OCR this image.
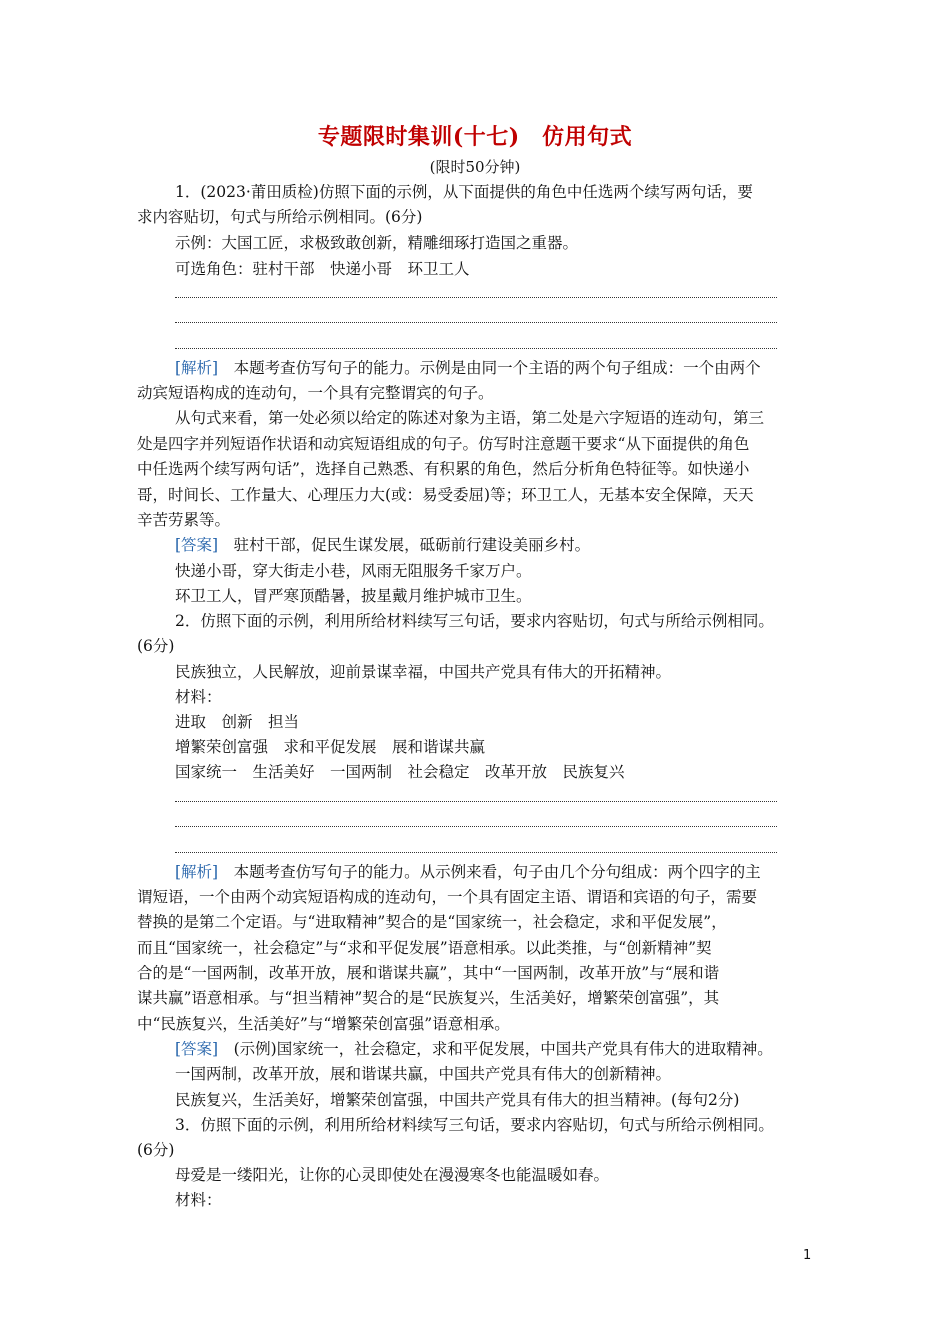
专题限时集训(十七)　仿用句式
(限时50分钟)
1．(2023·莆田质检)仿照下面的示例，从下面提供的角色中任选两个续写两句话，要
求内容贴切，句式与所给示例相同。(6分)
示例：大国工匠，求极致敢创新，精雕细琢打造国之重器。
可选角色：驻村干部　快递小哥　环卫工人
[解析]　本题考查仿写句子的能力。示例是由同一个主语的两个句子组成：一个由两个
动宾短语构成的连动句，一个具有完整谓宾的句子。
从句式来看，第一处必须以给定的陈述对象为主语，第二处是六字短语的连动句，第三
处是四字并列短语作状语和动宾短语组成的句子。仿写时注意题干要求“从下面提供的角色
中任选两个续写两句话”，选择自己熟悉、有积累的角色，然后分析角色特征等。如快递小
哥，时间长、工作量大、心理压力大(或：易受委屈)等；环卫工人，无基本安全保障，天天
辛苦劳累等。
[答案]　驻村干部，促民生谋发展，砥砺前行建设美丽乡村。
快递小哥，穿大街走小巷，风雨无阻服务千家万户。
环卫工人，冒严寒顶酷暑，披星戴月维护城市卫生。
2．仿照下面的示例，利用所给材料续写三句话，要求内容贴切，句式与所给示例相同。
(6分)
民族独立，人民解放，迎前景谋幸福，中国共产党具有伟大的开拓精神。
材料：
进取　创新　担当
增繁荣创富强　求和平促发展　展和谐谋共赢
国家统一　生活美好　一国两制　社会稳定　改革开放　民族复兴
[解析]　本题考查仿写句子的能力。从示例来看，句子由几个分句组成：两个四字的主
谓短语，一个由两个动宾短语构成的连动句，一个具有固定主语、谓语和宾语的句子，需要
替换的是第二个定语。与“进取精神”契合的是“国家统一，社会稳定，求和平促发展”，
而且“国家统一，社会稳定”与“求和平促发展”语意相承。以此类推，与“创新精神”契
合的是“一国两制，改革开放，展和谐谋共赢”，其中“一国两制，改革开放”与“展和谐
谋共赢”语意相承。与“担当精神”契合的是“民族复兴，生活美好，增繁荣创富强”，其
中“民族复兴，生活美好”与“增繁荣创富强”语意相承。
[答案]　(示例)国家统一，社会稳定，求和平促发展，中国共产党具有伟大的进取精神。
一国两制，改革开放，展和谐谋共赢，中国共产党具有伟大的创新精神。
民族复兴，生活美好，增繁荣创富强，中国共产党具有伟大的担当精神。(每句2分)
3．仿照下面的示例，利用所给材料续写三句话，要求内容贴切，句式与所给示例相同。
(6分)
母爱是一缕阳光，让你的心灵即使处在漫漫寒冬也能温暖如春。
材料：
1
